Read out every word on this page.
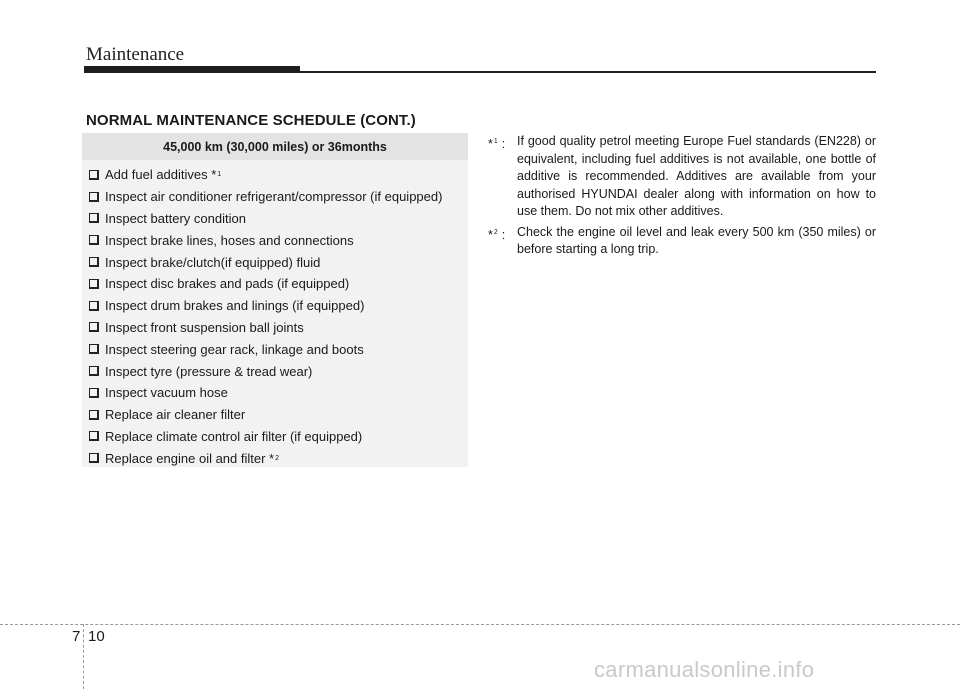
Maintenance
NORMAL MAINTENANCE SCHEDULE (CONT.)
45,000 km (30,000 miles) or 36months
Add fuel additives * 1
Inspect air conditioner refrigerant/compressor (if equipped)
Inspect battery condition
Inspect brake lines, hoses and connections
Inspect brake/clutch(if equipped) fluid
Inspect disc brakes and pads (if equipped)
Inspect drum brakes and linings (if equipped)
Inspect front suspension ball joints
Inspect steering gear rack, linkage and boots
Inspect tyre (pressure & tread wear)
Inspect vacuum hose
Replace air cleaner filter
Replace climate control air filter (if equipped)
Replace engine oil and filter * 2
*$^1$ : If good quality petrol meeting Europe Fuel standards (EN228) or equivalent, including fuel additives is not available, one bottle of additive is recommended. Additives are available from your authorised HYUNDAI dealer along with information on how to use them. Do not mix other additives.
*$^2$ : Check the engine oil level and leak every 500 km (350 miles) or before starting a long trip.
7 10
carmanualsonline.info
